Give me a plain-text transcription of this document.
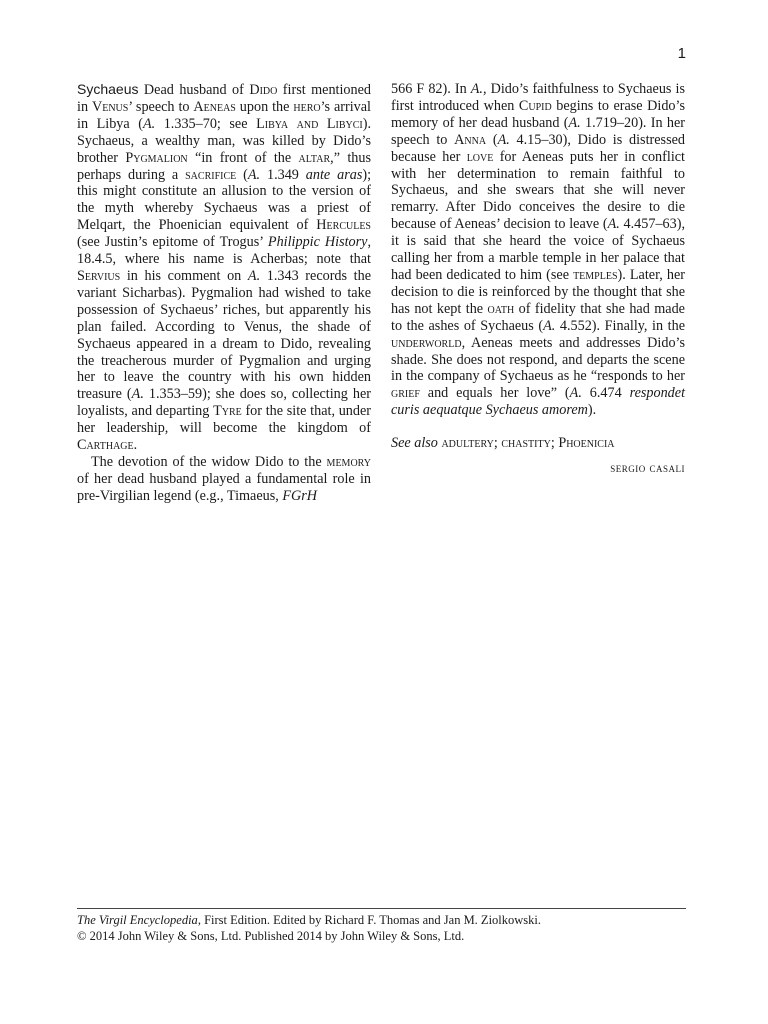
1

Sychaeus Dead husband of Dido first mentioned in Venus’ speech to Aeneas upon the hero’s arrival in Libya (A. 1.335–70; see Libya and Libyci). Sychaeus, a wealthy man, was killed by Dido’s brother Pygmalion “in front of the altar,” thus perhaps during a sacrifice (A. 1.349 ante aras); this might constitute an allusion to the version of the myth whereby Sychaeus was a priest of Melqart, the Phoenician equivalent of Hercules (see Justin’s epitome of Trogus’ Philippic History, 18.4.5, where his name is Acherbas; note that Servius in his comment on A. 1.343 records the variant Sicharbas). Pygmalion had wished to take possession of Sychaeus’ riches, but apparently his plan failed. According to Venus, the shade of Sychaeus appeared in a dream to Dido, revealing the treacherous murder of Pygmalion and urging her to leave the country with his own hidden treasure (A. 1.353–59); she does so, collecting her loyalists, and departing Tyre for the site that, under her leadership, will become the kingdom of Carthage.

The devotion of the widow Dido to the memory of her dead husband played a fundamental role in pre-Virgilian legend (e.g., Timaeus, FGrH

566 F 82). In A., Dido’s faithfulness to Sychaeus is first introduced when Cupid begins to erase Dido’s memory of her dead husband (A. 1.719–20). In her speech to Anna (A. 4.15–30), Dido is distressed because her love for Aeneas puts her in conflict with her determination to remain faithful to Sychaeus, and she swears that she will never remarry. After Dido conceives the desire to die because of Aeneas’ decision to leave (A. 4.457–63), it is said that she heard the voice of Sychaeus calling her from a marble temple in her palace that had been dedicated to him (see temples). Later, her decision to die is reinforced by the thought that she has not kept the oath of fidelity that she had made to the ashes of Sychaeus (A. 4.552). Finally, in the underworld, Aeneas meets and addresses Dido’s shade. She does not respond, and departs the scene in the company of Sychaeus as he “responds to her grief and equals her love” (A. 6.474 respondet curis aequatque Sychaeus amorem).

See also adultery; chastity; Phoenicia

sergio casali

The Virgil Encyclopedia, First Edition. Edited by Richard F. Thomas and Jan M. Ziolkowski.
© 2014 John Wiley & Sons, Ltd. Published 2014 by John Wiley & Sons, Ltd.
